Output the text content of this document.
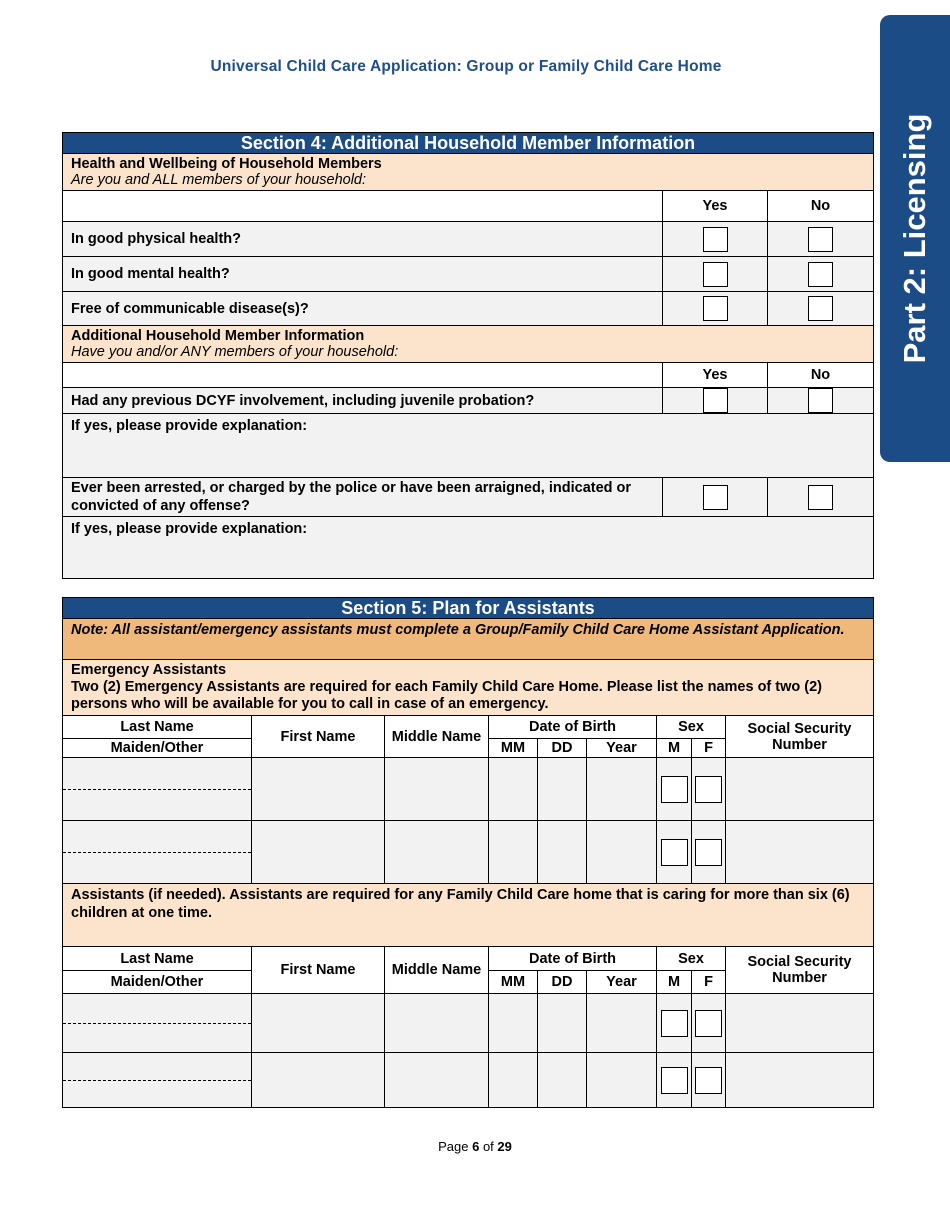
Universal Child Care Application: Group or Family Child Care Home
Part 2: Licensing
Section 4: Additional Household Member Information		

Health and Wellbeing of Household Members
Are you and ALL members of your household:		

	Yes	No
In good physical health?		
In good mental health?		
Free of communicable disease(s)?		

Additional Household Member Information
Have you and/or ANY members of your household:		

	Yes	No
Had any previous DCYF involvement, including juvenile probation?		
If yes, please provide explanation:		
Ever been arrested, or charged by the police or have been arraigned, indicated or convicted of any offense?		
If yes, please provide explanation:		
Section 5: Plan for Assistants								
Note: All assistant/emergency assistants must complete a Group/Family Child Care Home Assistant Application.								

Emergency Assistants
Two (2) Emergency Assistants are required for each Family Child Care Home. Please list the names of two (2) persons who will be available for you to call in case of an emergency.								

Last Name	First Name	Middle Name	Date of Birth			Sex		Social Security Number
Maiden/Other			MM	DD	Year	M	F	

Assistants (if needed). Assistants are required for any Family Child Care home that is caring for more than six (6) children at one time.								
Last Name	First Name	Middle Name	Date of Birth			Sex		Social Security Number
Maiden/Other			MM	DD	Year	M	F	

Page 6 of 29
